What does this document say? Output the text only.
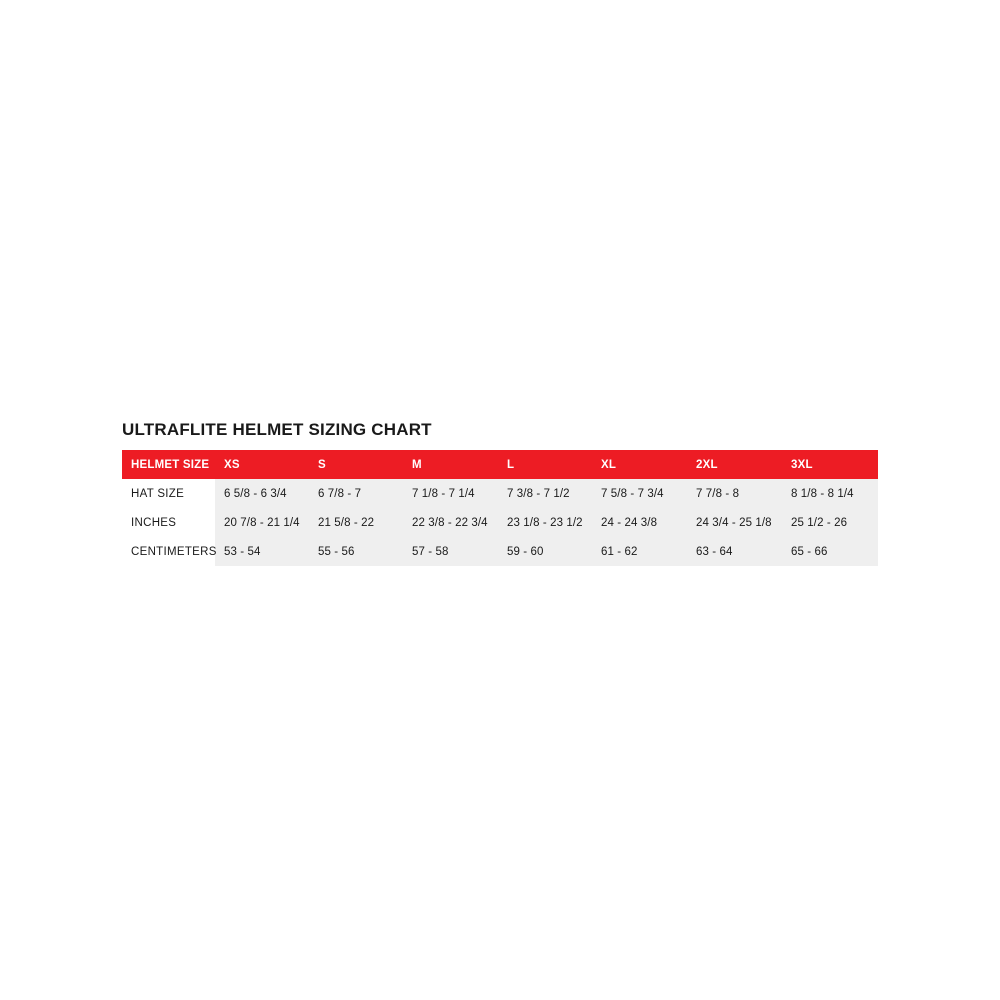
ULTRAFLITE HELMET SIZING CHART
HELMET SIZE	XS	S	M	L	XL	2XL	3XL
HAT SIZE	6 5/8 - 6 3/4	6 7/8 - 7	7 1/8 - 7 1/4	7 3/8 - 7 1/2	7 5/8 - 7 3/4	7 7/8 - 8	8 1/8 - 8 1/4
INCHES	20 7/8 - 21 1/4	21 5/8 - 22	22 3/8 - 22 3/4	23 1/8 - 23 1/2	24 - 24 3/8	24 3/4 - 25 1/8	25 1/2 - 26
CENTIMETERS	53 - 54	55 - 56	57 - 58	59 - 60	61 - 62	63 - 64	65 - 66
